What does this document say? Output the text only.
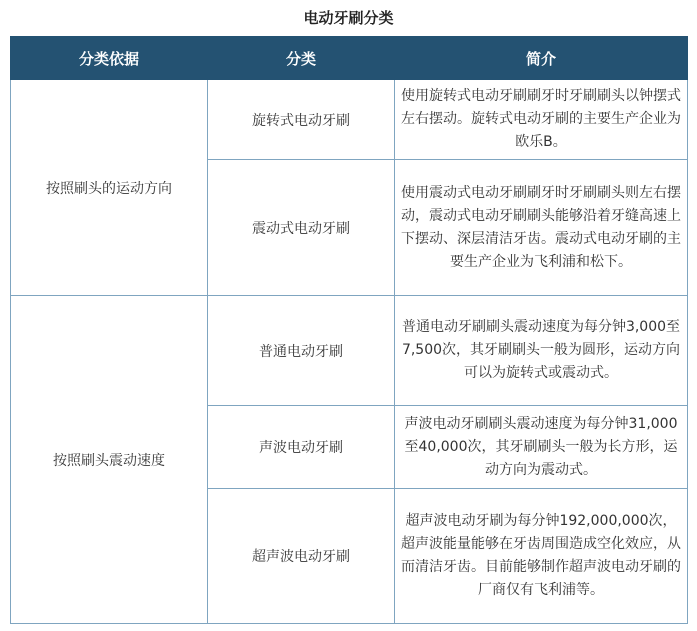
电动牙刷分类
分类依据	分类	简介
按照刷头的运动方向	旋转式电动牙刷	使用旋转式电动牙刷刷牙时牙刷刷头以钟摆式左右摆动。旋转式电动牙刷的主要生产企业为欧乐B。
	震动式电动牙刷	使用震动式电动牙刷刷牙时牙刷刷头则左右摆动，震动式电动牙刷刷头能够沿着牙缝高速上下摆动、深层清洁牙齿。震动式电动牙刷的主要生产企业为飞利浦和松下。
按照刷头震动速度	普通电动牙刷	普通电动牙刷刷头震动速度为每分钟3,000至7,500次，其牙刷刷头一般为圆形，运动方向可以为旋转式或震动式。
	声波电动牙刷	声波电动牙刷刷头震动速度为每分钟31,000至40,000次，其牙刷刷头一般为长方形，运动方向为震动式。
	超声波电动牙刷	超声波电动牙刷为每分钟192,000,000次，超声波能量能够在牙齿周围造成空化效应，从而清洁牙齿。目前能够制作超声波电动牙刷的厂商仅有飞利浦等。
